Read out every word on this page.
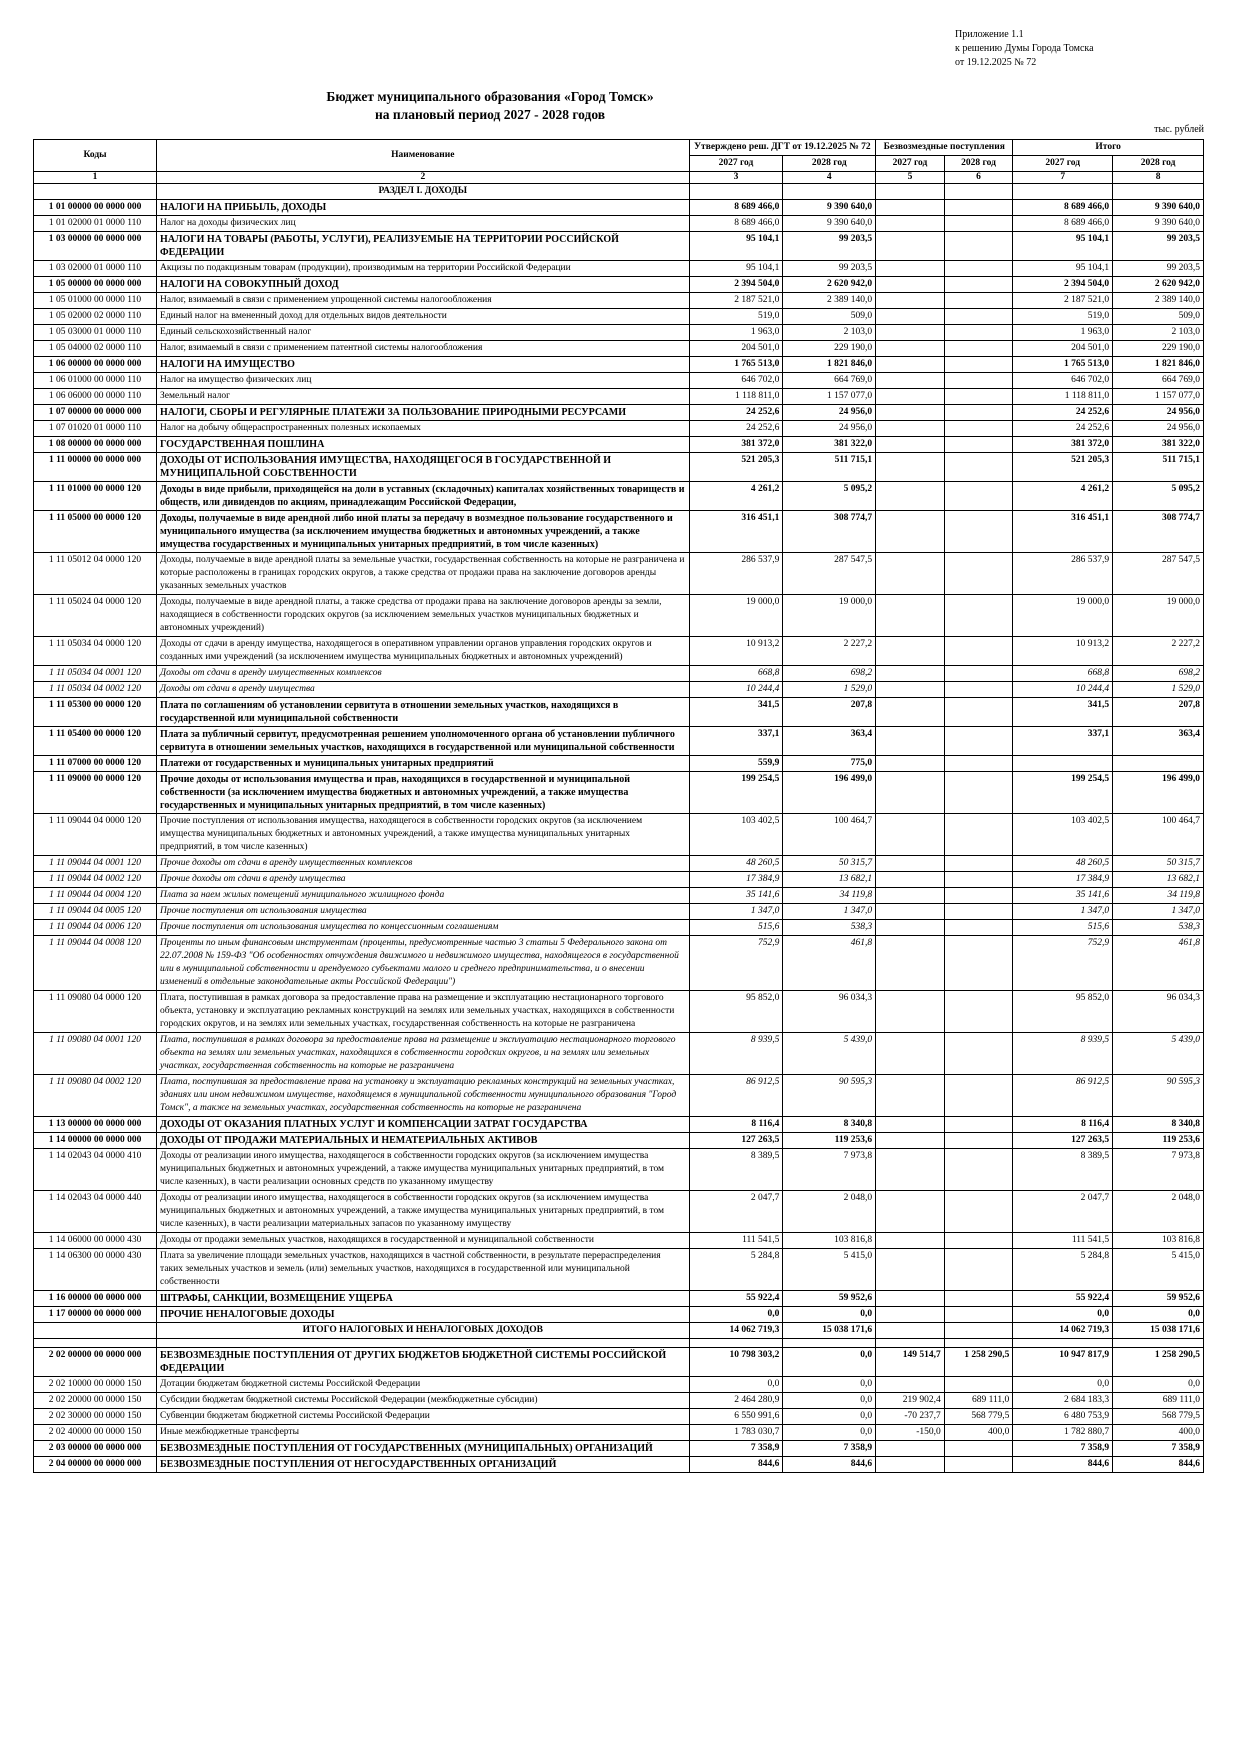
Приложение 1.1
к решению Думы Города Томска
от 19.12.2025 № 72
Бюджет муниципального образования «Город Томск»
на плановый период 2027 - 2028 годов
тыс. рублей
Коды	Наименование	Утверждено реш. ДГТ от 19.12.2025 № 72		Безвозмездные поступления		Итого	
		2027 год	2028 год	2027 год	2028 год	2027 год	2028 год
1	2	3	4	5	6	7	8
	РАЗДЕЛ I. ДОХОДЫ						
1 01 00000 00 0000 000	НАЛОГИ НА ПРИБЫЛЬ, ДОХОДЫ	8 689 466,0	9 390 640,0			8 689 466,0	9 390 640,0
1 01 02000 01 0000 110	Налог на доходы физических лиц	8 689 466,0	9 390 640,0			8 689 466,0	9 390 640,0
1 03 00000 00 0000 000	НАЛОГИ НА ТОВАРЫ (РАБОТЫ, УСЛУГИ), РЕАЛИЗУЕМЫЕ НА ТЕРРИТОРИИ РОССИЙСКОЙ ФЕДЕРАЦИИ	95 104,1	99 203,5			95 104,1	99 203,5
1 03 02000 01 0000 110	Акцизы по подакцизным товарам (продукции), производимым на территории Российской Федерации	95 104,1	99 203,5			95 104,1	99 203,5
1 05 00000 00 0000 000	НАЛОГИ НА СОВОКУПНЫЙ ДОХОД	2 394 504,0	2 620 942,0			2 394 504,0	2 620 942,0
1 05 01000 00 0000 110	Налог, взимаемый в связи с применением упрощенной системы налогообложения	2 187 521,0	2 389 140,0			2 187 521,0	2 389 140,0
1 05 02000 02 0000 110	Единый налог на вмененный доход для отдельных видов деятельности	519,0	509,0			519,0	509,0
1 05 03000 01 0000 110	Единый сельскохозяйственный налог	1 963,0	2 103,0			1 963,0	2 103,0
1 05 04000 02 0000 110	Налог, взимаемый в связи с применением патентной системы налогообложения	204 501,0	229 190,0			204 501,0	229 190,0
1 06 00000 00 0000 000	НАЛОГИ НА ИМУЩЕСТВО	1 765 513,0	1 821 846,0			1 765 513,0	1 821 846,0
1 06 01000 00 0000 110	Налог на имущество физических лиц	646 702,0	664 769,0			646 702,0	664 769,0
1 06 06000 00 0000 110	Земельный налог	1 118 811,0	1 157 077,0			1 118 811,0	1 157 077,0
1 07 00000 00 0000 000	НАЛОГИ, СБОРЫ И РЕГУЛЯРНЫЕ ПЛАТЕЖИ ЗА ПОЛЬЗОВАНИЕ ПРИРОДНЫМИ РЕСУРСАМИ	24 252,6	24 956,0			24 252,6	24 956,0
1 07 01020 01 0000 110	Налог на добычу общераспространенных полезных ископаемых	24 252,6	24 956,0			24 252,6	24 956,0
1 08 00000 00 0000 000	ГОСУДАРСТВЕННАЯ ПОШЛИНА	381 372,0	381 322,0			381 372,0	381 322,0
1 11 00000 00 0000 000	ДОХОДЫ ОТ ИСПОЛЬЗОВАНИЯ ИМУЩЕСТВА, НАХОДЯЩЕГОСЯ В ГОСУДАРСТВЕННОЙ И МУНИЦИПАЛЬНОЙ СОБСТВЕННОСТИ	521 205,3	511 715,1			521 205,3	511 715,1
1 11 01000 00 0000 120	Доходы в виде прибыли, приходящейся на доли в уставных (складочных) капиталах хозяйственных товариществ и обществ, или дивидендов по акциям, принадлежащим Российской Федерации,	4 261,2	5 095,2			4 261,2	5 095,2
1 11 05000 00 0000 120	Доходы, получаемые в виде арендной либо иной платы за передачу в возмездное пользование государственного и муниципального имущества (за исключением имущества бюджетных и автономных учреждений, а также имущества государственных и муниципальных унитарных предприятий, в том числе казенных)	316 451,1	308 774,7			316 451,1	308 774,7
1 11 05012 04 0000 120	Доходы, получаемые в виде арендной платы за земельные участки, государственная собственность на которые не разграничена и которые расположены в границах городских округов, а также средства от продажи права на заключение договоров аренды указанных земельных участков	286 537,9	287 547,5			286 537,9	287 547,5
1 11 05024 04 0000 120	Доходы, получаемые в виде арендной платы, а также средства от продажи права на заключение договоров аренды за земли, находящиеся в собственности городских округов (за исключением земельных участков муниципальных бюджетных и автономных учреждений)	19 000,0	19 000,0			19 000,0	19 000,0
1 11 05034 04 0000 120	Доходы от сдачи в аренду имущества, находящегося в оперативном управлении органов управления городских округов и созданных ими учреждений (за исключением имущества муниципальных бюджетных и автономных учреждений)	10 913,2	2 227,2			10 913,2	2 227,2
1 11 05034 04 0001 120	Доходы от сдачи в аренду имущественных комплексов	668,8	698,2			668,8	698,2
1 11 05034 04 0002 120	Доходы от сдачи в аренду имущества	10 244,4	1 529,0			10 244,4	1 529,0
1 11 05300 00 0000 120	Плата по соглашениям об установлении сервитута в отношении земельных участков, находящихся в государственной или муниципальной собственности	341,5	207,8			341,5	207,8
1 11 05400 00 0000 120	Плата за публичный сервитут, предусмотренная решением уполномоченного органа об установлении публичного сервитута в отношении земельных участков, находящихся в государственной или муниципальной собственности	337,1	363,4			337,1	363,4
1 11 07000 00 0000 120	Платежи от государственных и муниципальных унитарных предприятий	559,9	775,0				
1 11 09000 00 0000 120	Прочие доходы от использования имущества и прав, находящихся в государственной и муниципальной собственности (за исключением имущества бюджетных и автономных учреждений, а также имущества государственных и муниципальных унитарных предприятий, в том числе казенных)	199 254,5	196 499,0			199 254,5	196 499,0
1 11 09044 04 0000 120	Прочие поступления от использования имущества, находящегося в собственности городских округов (за исключением имущества муниципальных бюджетных и автономных учреждений, а также имущества муниципальных унитарных предприятий, в том числе казенных)	103 402,5	100 464,7			103 402,5	100 464,7
1 11 09044 04 0001 120	Прочие доходы от сдачи в аренду имущественных комплексов	48 260,5	50 315,7			48 260,5	50 315,7
1 11 09044 04 0002 120	Прочие доходы от сдачи в аренду имущества	17 384,9	13 682,1			17 384,9	13 682,1
1 11 09044 04 0004 120	Плата за наем жилых помещений муниципального жилищного фонда	35 141,6	34 119,8			35 141,6	34 119,8
1 11 09044 04 0005 120	Прочие поступления от использования имущества	1 347,0	1 347,0			1 347,0	1 347,0
1 11 09044 04 0006 120	Прочие поступления от использования имущества по концессионным соглашениям	515,6	538,3			515,6	538,3
1 11 09044 04 0008 120	Проценты по иным финансовым инструментам (проценты, предусмотренные частью 3 статьи 5 Федерального закона от 22.07.2008 № 159-ФЗ "Об особенностях отчуждения движимого и недвижимого имущества, находящегося в государственной или в муниципальной собственности и арендуемого субъектами малого и среднего предпринимательства, и о внесении изменений в отдельные законодательные акты Российской Федерации")	752,9	461,8			752,9	461,8
1 11 09080 04 0000 120	Плата, поступившая в рамках договора за предоставление права на размещение и эксплуатацию нестационарного торгового объекта, установку и эксплуатацию рекламных конструкций на землях или земельных участках, находящихся в собственности городских округов, и на землях или земельных участках, государственная собственность на которые не разграничена	95 852,0	96 034,3			95 852,0	96 034,3
1 11 09080 04 0001 120	Плата, поступившая в рамках договора за предоставление права на размещение и эксплуатацию нестационарного торгового объекта на землях или земельных участках, находящихся в собственности городских округов, и на землях или земельных участках, государственная собственность на которые не разграничена	8 939,5	5 439,0			8 939,5	5 439,0
1 11 09080 04 0002 120	Плата, поступившая за предоставление права на установку и эксплуатацию рекламных конструкций на земельных участках, зданиях или ином недвижимом имуществе, находящемся в муниципальной собственности муниципального образования "Город Томск", а также на земельных участках, государственная собственность на которые не разграничена	86 912,5	90 595,3			86 912,5	90 595,3
1 13 00000 00 0000 000	ДОХОДЫ ОТ ОКАЗАНИЯ ПЛАТНЫХ УСЛУГ И КОМПЕНСАЦИИ ЗАТРАТ ГОСУДАРСТВА	8 116,4	8 340,8			8 116,4	8 340,8
1 14 00000 00 0000 000	ДОХОДЫ ОТ ПРОДАЖИ МАТЕРИАЛЬНЫХ И НЕМАТЕРИАЛЬНЫХ АКТИВОВ	127 263,5	119 253,6			127 263,5	119 253,6
1 14 02043 04 0000 410	Доходы от реализации иного имущества, находящегося в собственности городских округов (за исключением имущества муниципальных бюджетных и автономных учреждений, а также имущества муниципальных унитарных предприятий, в том числе казенных), в части реализации основных средств по указанному имуществу	8 389,5	7 973,8			8 389,5	7 973,8
1 14 02043 04 0000 440	Доходы от реализации иного имущества, находящегося в собственности городских округов (за исключением имущества муниципальных бюджетных и автономных учреждений, а также имущества муниципальных унитарных предприятий, в том числе казенных), в части реализации материальных запасов по указанному имуществу	2 047,7	2 048,0			2 047,7	2 048,0
1 14 06000 00 0000 430	Доходы от продажи земельных участков, находящихся в государственной и муниципальной собственности	111 541,5	103 816,8			111 541,5	103 816,8
1 14 06300 00 0000 430	Плата за увеличение площади земельных участков, находящихся в частной собственности, в результате перераспределения таких земельных участков и земель (или) земельных участков, находящихся в государственной или муниципальной собственности	5 284,8	5 415,0			5 284,8	5 415,0
1 16 00000 00 0000 000	ШТРАФЫ, САНКЦИИ, ВОЗМЕЩЕНИЕ УЩЕРБА	55 922,4	59 952,6			55 922,4	59 952,6
1 17 00000 00 0000 000	ПРОЧИЕ НЕНАЛОГОВЫЕ ДОХОДЫ	0,0	0,0			0,0	0,0
	ИТОГО НАЛОГОВЫХ И НЕНАЛОГОВЫХ ДОХОДОВ	14 062 719,3	15 038 171,6			14 062 719,3	15 038 171,6

2 02 00000 00 0000 000	БЕЗВОЗМЕЗДНЫЕ ПОСТУПЛЕНИЯ ОТ ДРУГИХ БЮДЖЕТОВ БЮДЖЕТНОЙ СИСТЕМЫ РОССИЙСКОЙ ФЕДЕРАЦИИ	10 798 303,2	0,0	149 514,7	1 258 290,5	10 947 817,9	1 258 290,5
2 02 10000 00 0000 150	Дотации бюджетам бюджетной системы Российской Федерации	0,0	0,0			0,0	0,0
2 02 20000 00 0000 150	Субсидии бюджетам бюджетной системы Российской Федерации (межбюджетные субсидии)	2 464 280,9	0,0	219 902,4	689 111,0	2 684 183,3	689 111,0
2 02 30000 00 0000 150	Субвенции бюджетам бюджетной системы Российской Федерации	6 550 991,6	0,0	-70 237,7	568 779,5	6 480 753,9	568 779,5
2 02 40000 00 0000 150	Иные межбюджетные трансферты	1 783 030,7	0,0	-150,0	400,0	1 782 880,7	400,0
2 03 00000 00 0000 000	БЕЗВОЗМЕЗДНЫЕ ПОСТУПЛЕНИЯ ОТ ГОСУДАРСТВЕННЫХ (МУНИЦИПАЛЬНЫХ) ОРГАНИЗАЦИЙ	7 358,9	7 358,9			7 358,9	7 358,9
2 04 00000 00 0000 000	БЕЗВОЗМЕЗДНЫЕ ПОСТУПЛЕНИЯ ОТ НЕГОСУДАРСТВЕННЫХ ОРГАНИЗАЦИЙ	844,6	844,6			844,6	844,6
